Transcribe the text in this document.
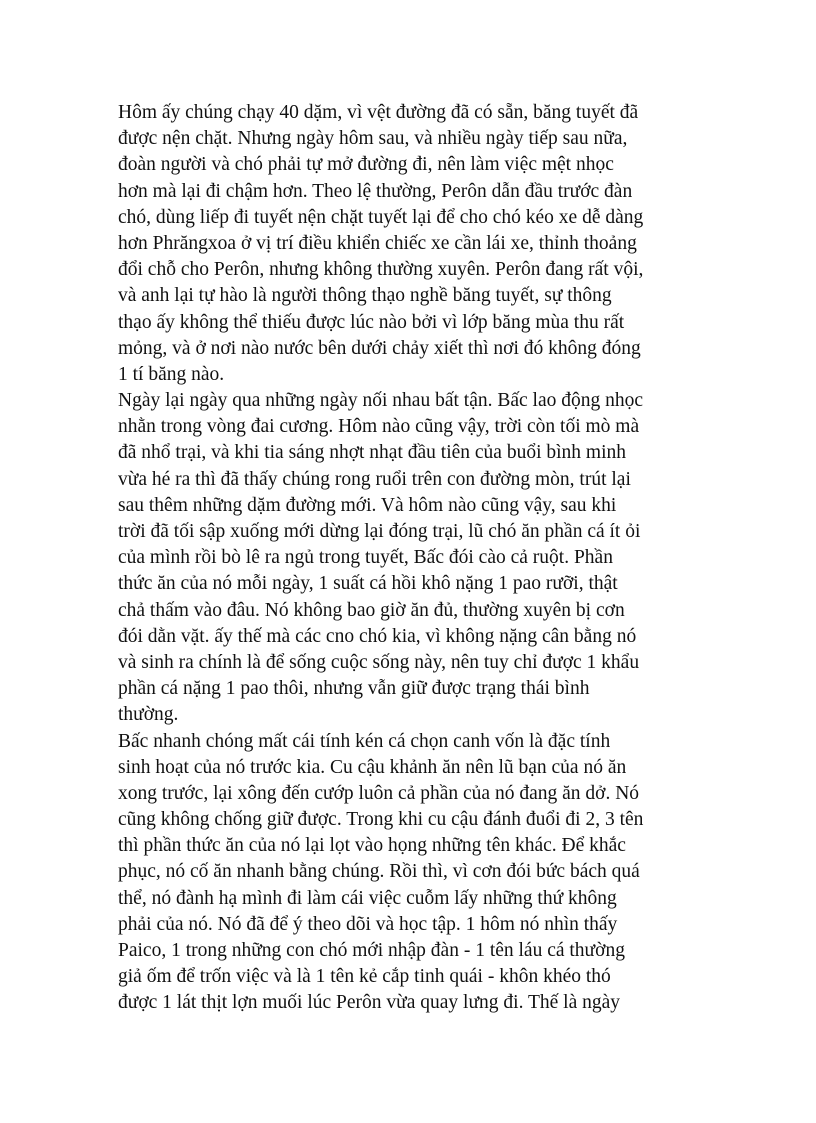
Hôm ấy chúng chạy 40 dặm, vì vệt đường đã có sẵn, băng tuyết đã
được nện chặt. Nhưng ngày hôm sau, và nhiều ngày tiếp sau nữa,
đoàn người và chó phải tự mở đường đi, nên làm việc mệt nhọc
hơn mà lại đi chậm hơn. Theo lệ thường, Perôn dẫn đầu trước đàn
chó, dùng liếp đi tuyết nện chặt tuyết lại để cho chó kéo xe dễ dàng
hơn Phrăngxoa ở vị trí điều khiển chiếc xe cần lái xe, thỉnh thoảng
đổi chỗ cho Perôn, nhưng không thường xuyên. Perôn đang rất vội,
và anh lại tự hào là người thông thạo nghề băng tuyết, sự thông
thạo ấy không thể thiếu được lúc nào bởi vì lớp băng mùa thu rất
mỏng, và ở nơi nào nước bên dưới chảy xiết thì nơi đó không đóng
1 tí băng nào.
Ngày lại ngày qua những ngày nối nhau bất tận. Bấc lao động nhọc
nhằn trong vòng đai cương. Hôm nào cũng vậy, trời còn tối mò mà
đã nhổ trại, và khi tia sáng nhợt nhạt đầu tiên của buổi bình minh
vừa hé ra thì đã thấy chúng rong ruổi trên con đường mòn, trút lại
sau thêm những dặm đường mới. Và hôm nào cũng vậy, sau khi
trời đã tối sập xuống mới dừng lại đóng trại, lũ chó ăn phần cá ít ỏi
của mình rồi bò lê ra ngủ trong tuyết, Bấc đói cào cả ruột. Phần
thức ăn của nó mỗi ngày, 1 suất cá hồi khô nặng 1 pao rưỡi, thật
chả thấm vào đâu. Nó không bao giờ ăn đủ, thường xuyên bị cơn
đói dằn vặt. ấy thế mà các cno chó kia, vì không nặng cân bằng nó
và sinh ra chính là để sống cuộc sống này, nên tuy chỉ được 1 khẩu
phần cá nặng 1 pao thôi, nhưng vẫn giữ được trạng thái bình
thường.
Bấc nhanh chóng mất cái tính kén cá chọn canh vốn là đặc tính
sinh hoạt của nó trước kia. Cu cậu khảnh ăn nên lũ bạn của nó ăn
xong trước, lại xông đến cướp luôn cả phần của nó đang ăn dở. Nó
cũng không chống giữ được. Trong khi cu cậu đánh đuổi đi 2, 3 tên
thì phần thức ăn của nó lại lọt vào họng những tên khác. Để khắc
phục, nó cố ăn nhanh bằng chúng. Rồi thì, vì cơn đói bức bách quá
thể, nó đành hạ mình đi làm cái việc cuỗm lấy những thứ không
phải của nó. Nó đã để ý theo dõi và học tập. 1 hôm nó nhìn thấy
Paico, 1 trong những con chó mới nhập đàn - 1 tên láu cá thường
giả ốm để trốn việc và là 1 tên kẻ cắp tinh quái - khôn khéo thó
được 1 lát thịt lợn muối lúc Perôn vừa quay lưng đi. Thế là ngày
